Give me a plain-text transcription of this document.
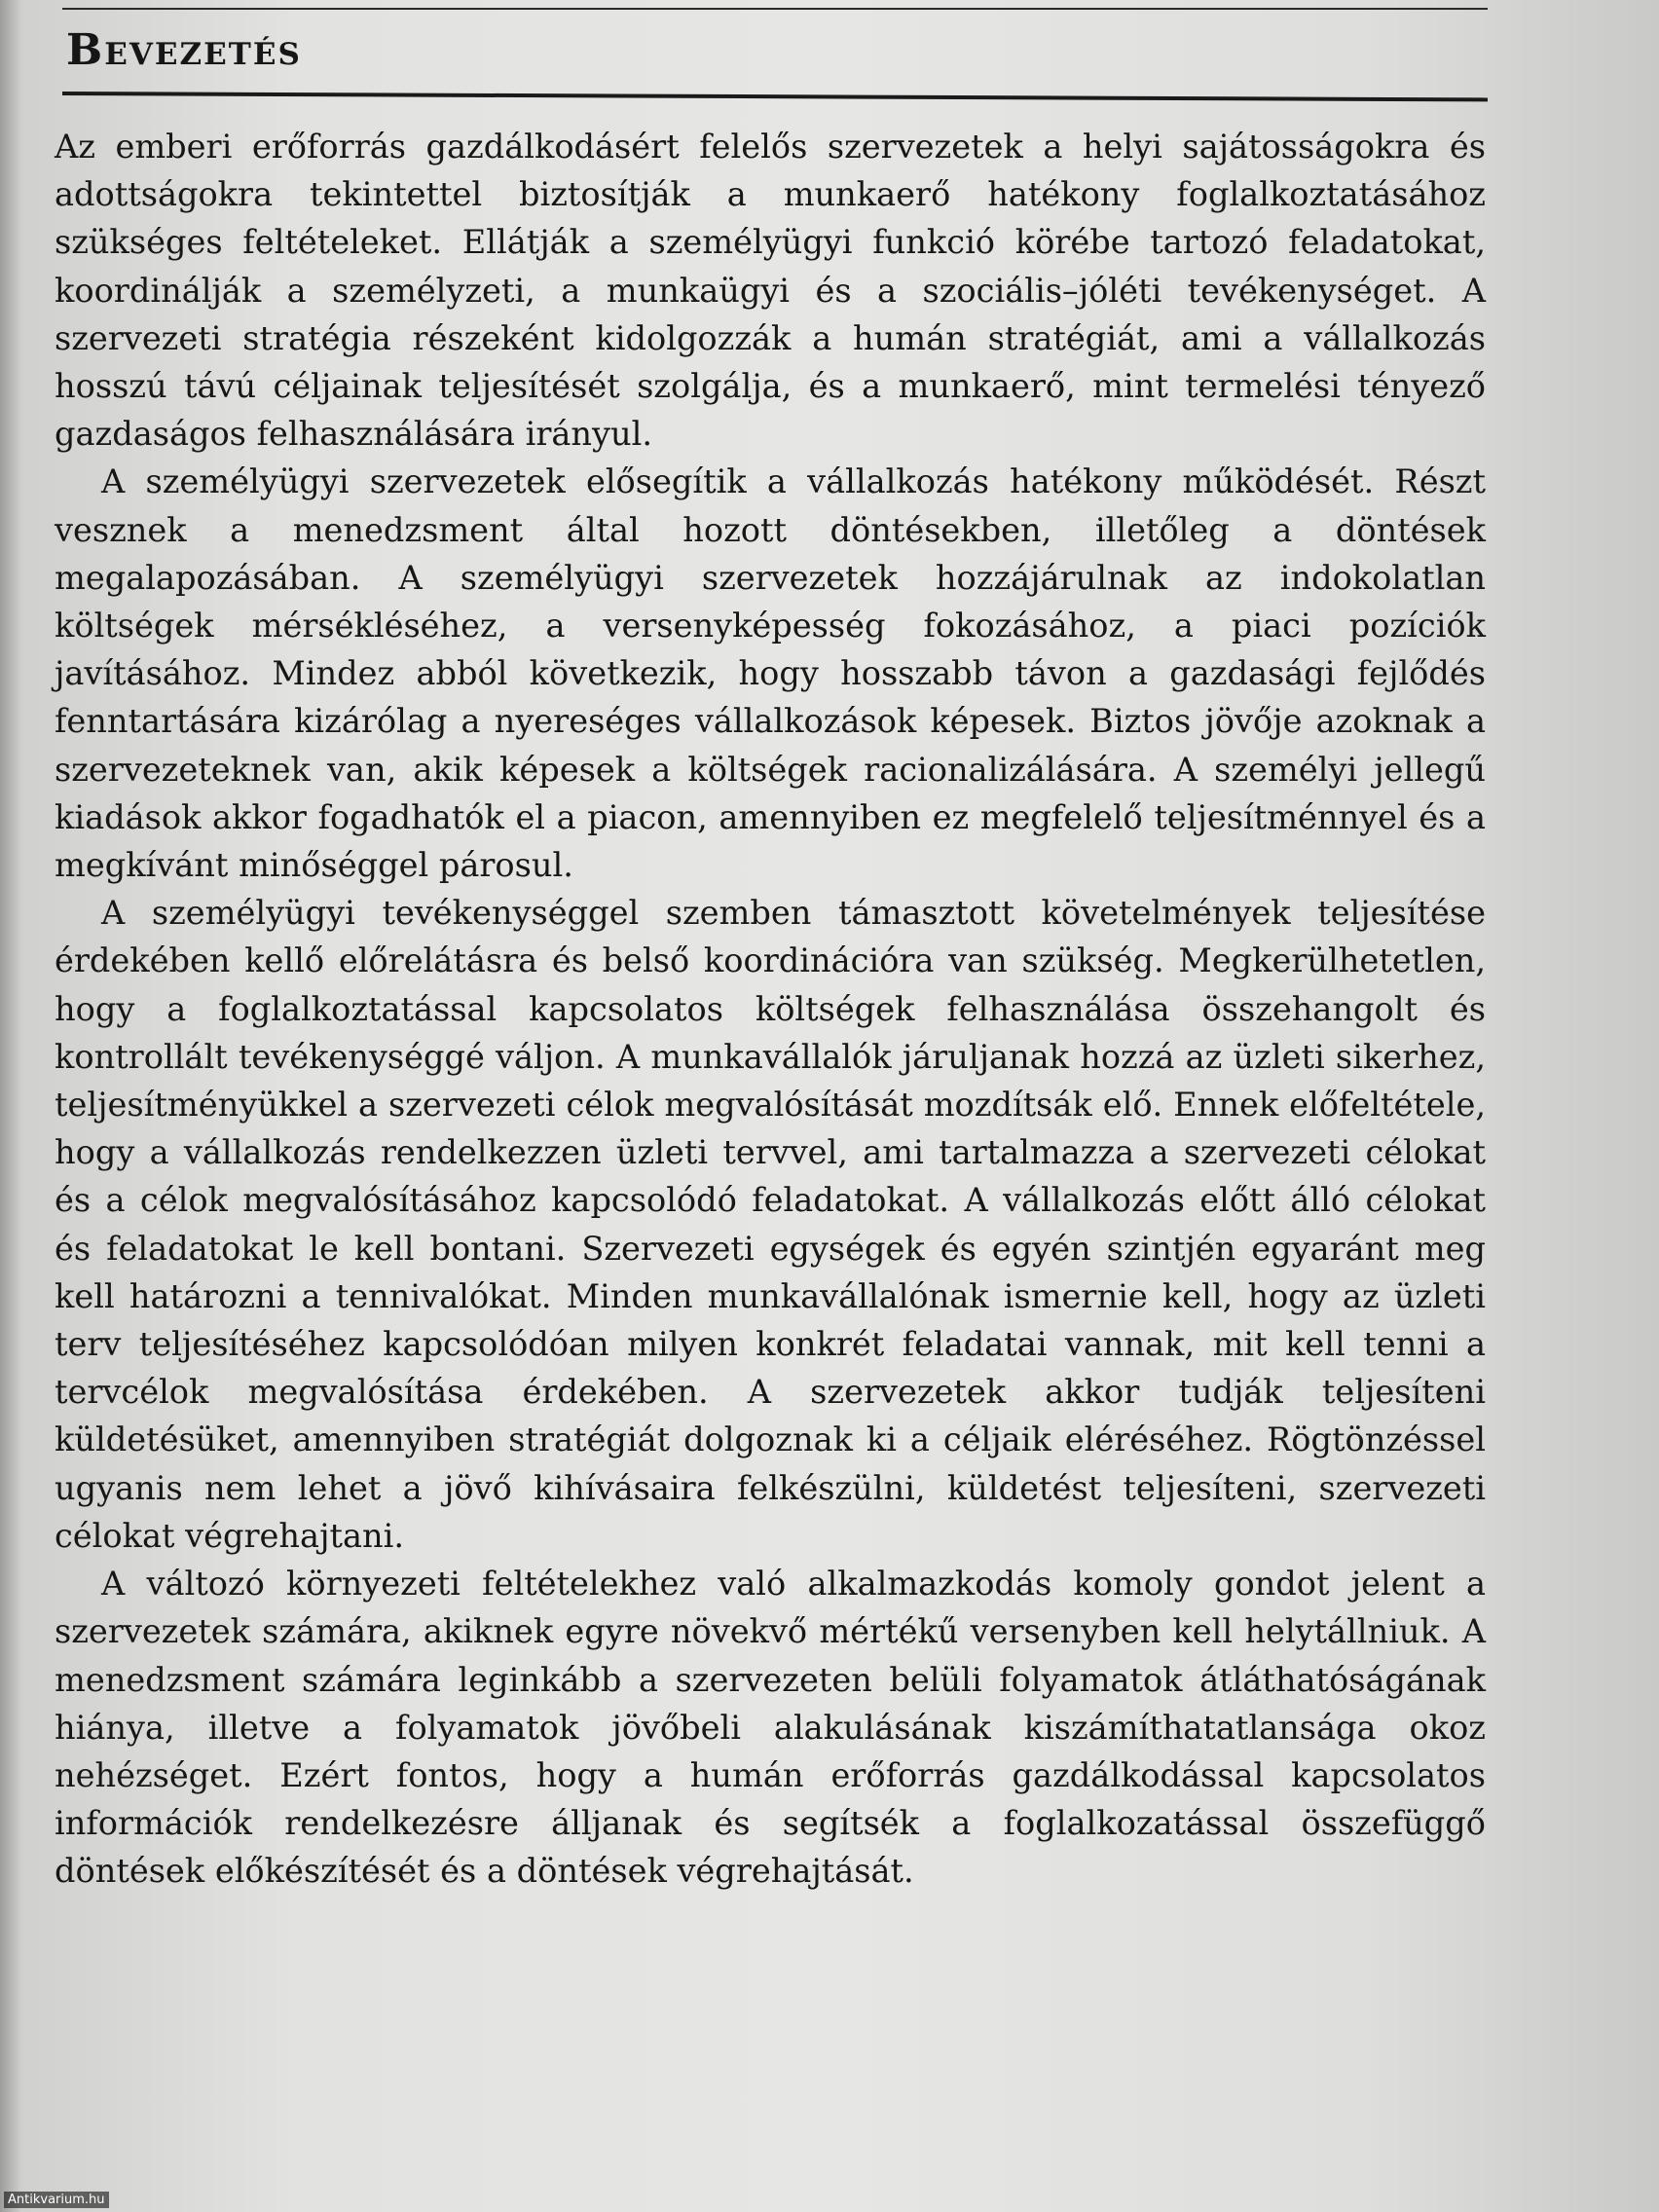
Bevezetés

Az emberi erőforrás gazdálkodásért felelős szervezetek a helyi sajátosságokra és adottságokra tekintettel biztosítják a munkaerő hatékony foglalkoztatásához szükséges feltételeket. Ellátják a személyügyi funkció körébe tartozó feladatokat, koordinálják a személyzeti, a munkaügyi és a szociális–jóléti tevékenységet. A szervezeti stratégia részeként kidolgozzák a humán stratégiát, ami a vállalkozás hosszú távú céljainak teljesítését szolgálja, és a munkaerő, mint termelési tényező gazdaságos felhasználására irányul.

A személyügyi szervezetek elősegítik a vállalkozás hatékony működését. Részt vesznek a menedzsment által hozott döntésekben, illetőleg a döntések megalapozásában. A személyügyi szervezetek hozzájárulnak az indokolatlan költségek mérsékléséhez, a versenyképesség fokozásához, a piaci pozíciók javításához. Mindez abból következik, hogy hosszabb távon a gazdasági fejlődés fenntartására kizárólag a nyereséges vállalkozások képesek. Biztos jövője azoknak a szervezeteknek van, akik képesek a költségek racionalizálására. A személyi jellegű kiadások akkor fogadhatók el a piacon, amennyiben ez megfelelő teljesítménnyel és a megkívánt minőséggel párosul.

A személyügyi tevékenységgel szemben támasztott követelmények teljesítése érdekében kellő előrelátásra és belső koordinációra van szükség. Megkerülhetetlen, hogy a foglalkoztatással kapcsolatos költségek felhasználása összehangolt és kontrollált tevékenységgé váljon. A munkavállalók járuljanak hozzá az üzleti sikerhez, teljesítményükkel a szervezeti célok megvalósítását mozdítsák elő. Ennek előfeltétele, hogy a vállalkozás rendelkezzen üzleti tervvel, ami tartalmazza a szervezeti célokat és a célok megvalósításához kapcsolódó feladatokat. A vállalkozás előtt álló célokat és feladatokat le kell bontani. Szervezeti egységek és egyén szintjén egyaránt meg kell határozni a tennivalókat. Minden munkavállalónak ismernie kell, hogy az üzleti terv teljesítéséhez kapcsolódóan milyen konkrét feladatai vannak, mit kell tenni a tervcélok megvalósítása érdekében. A szervezetek akkor tudják teljesíteni küldetésüket, amennyiben stratégiát dolgoznak ki a céljaik eléréséhez. Rögtönzéssel ugyanis nem lehet a jövő kihívásaira felkészülni, küldetést teljesíteni, szervezeti célokat végrehajtani.

A változó környezeti feltételekhez való alkalmazkodás komoly gondot jelent a szervezetek számára, akiknek egyre növekvő mértékű versenyben kell helytállniuk. A menedzsment számára leginkább a szervezeten belüli folyamatok átláthatóságának hiánya, illetve a folyamatok jövőbeli alakulásának kiszámíthatatlansága okoz nehézséget. Ezért fontos, hogy a humán erőforrás gazdálkodással kapcsolatos információk rendelkezésre álljanak és segítsék a foglalkozatással összefüggő döntések előkészítését és a döntések végrehajtását.

Antikvarium.hu
